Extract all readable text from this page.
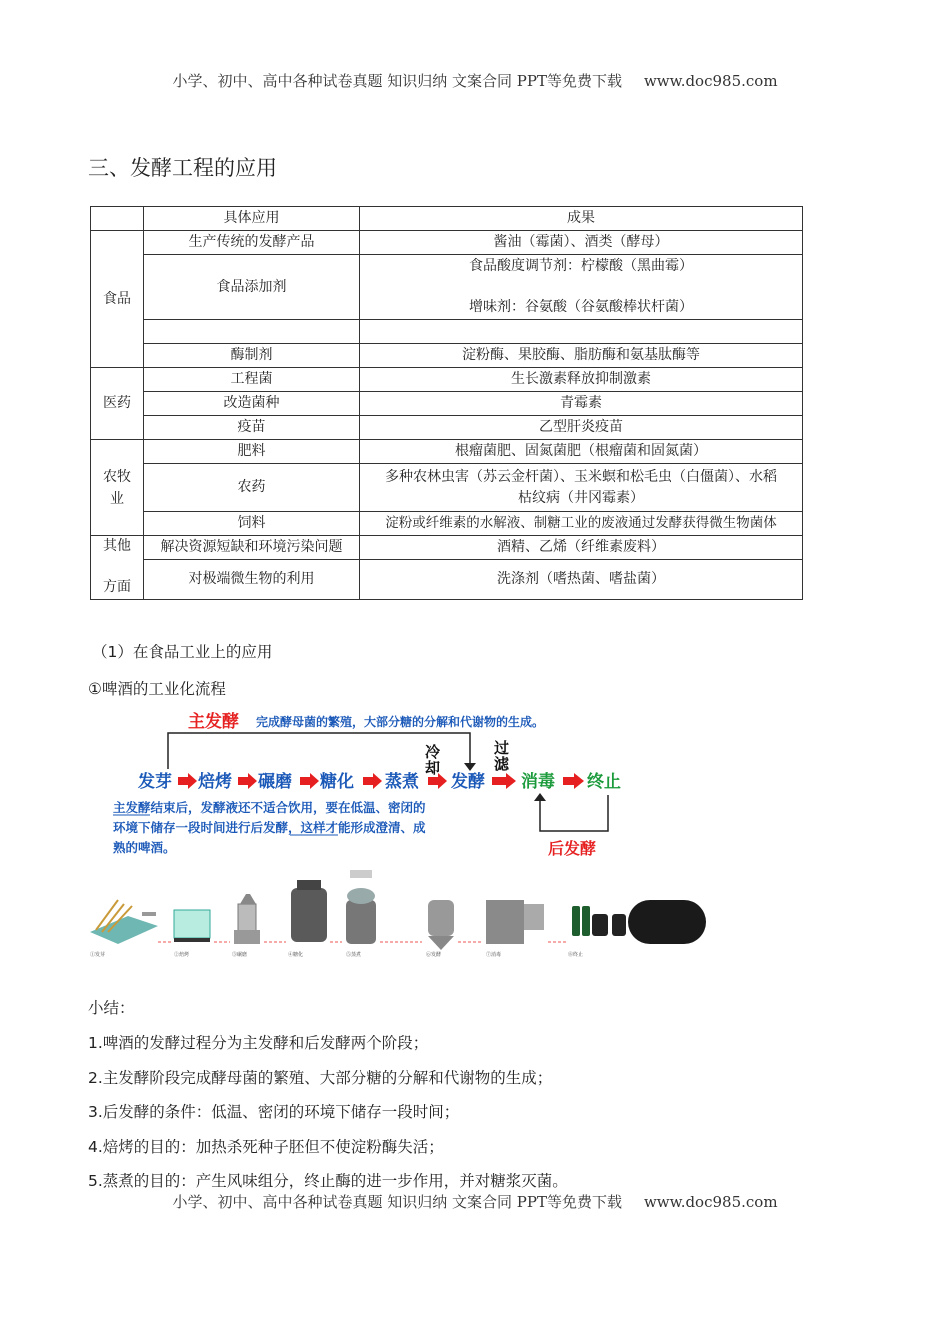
小学、初中、高中各种试卷真题 知识归纳 文案合同 PPT等免费下载 www.doc985.com
三、发酵工程的应用
	具体应用	成果
食品	生产传统的发酵产品	酱油（霉菌）、酒类（酵母）
	食品添加剂	食品酸度调节剂：柠檬酸（黑曲霉）
增味剂：谷氨酸（谷氨酸棒状杆菌）

	酶制剂	淀粉酶、果胶酶、脂肪酶和氨基肽酶等
医药	工程菌	生长激素释放抑制激素
	改造菌种	青霉素
	疫苗	乙型肝炎疫苗

农牧业	肥料	根瘤菌肥、固氮菌肥（根瘤菌和固氮菌）
	农药	多种农林虫害（苏云金杆菌）、玉米螟和松毛虫（白僵菌）、水稻
枯纹病（井冈霉素）

	饲料	淀粉或纤维素的水解液、制糖工业的废液通过发酵获得微生物菌体

其他
方面	解决资源短缺和环境污染问题	酒精、乙烯（纤维素废料）
	对极端微生物的利用	洗涤剂（嗜热菌、嗜盐菌）
（1）在食品工业上的应用
①啤酒的工业化流程
主发酵 完成酵母菌的繁殖，大部分糖的分解和代谢物的生成。
发芽 焙烤 碾磨 糖化 蒸煮 发酵 消毒 终止
冷
却
过
滤
主发酵结束后，发酵液还不适合饮用，要在低温、密闭的
环境下储存一段时间进行后发酵，这样才能形成澄清、成
熟的啤酒。	后发酵
①发芽	②焙烤	③碾磨	④糖化	⑤蒸煮	⑥发酵	⑦消毒	⑧终止
小结：
1.啤酒的发酵过程分为主发酵和后发酵两个阶段；
2.主发酵阶段完成酵母菌的繁殖、大部分糖的分解和代谢物的生成；
3.后发酵的条件：低温、密闭的环境下储存一段时间；
4.焙烤的目的：加热杀死种子胚但不使淀粉酶失活；
5.蒸煮的目的：产生风味组分，终止酶的进一步作用，并对糖浆灭菌。
小学、初中、高中各种试卷真题 知识归纳 文案合同 PPT等免费下载 www.doc985.com
